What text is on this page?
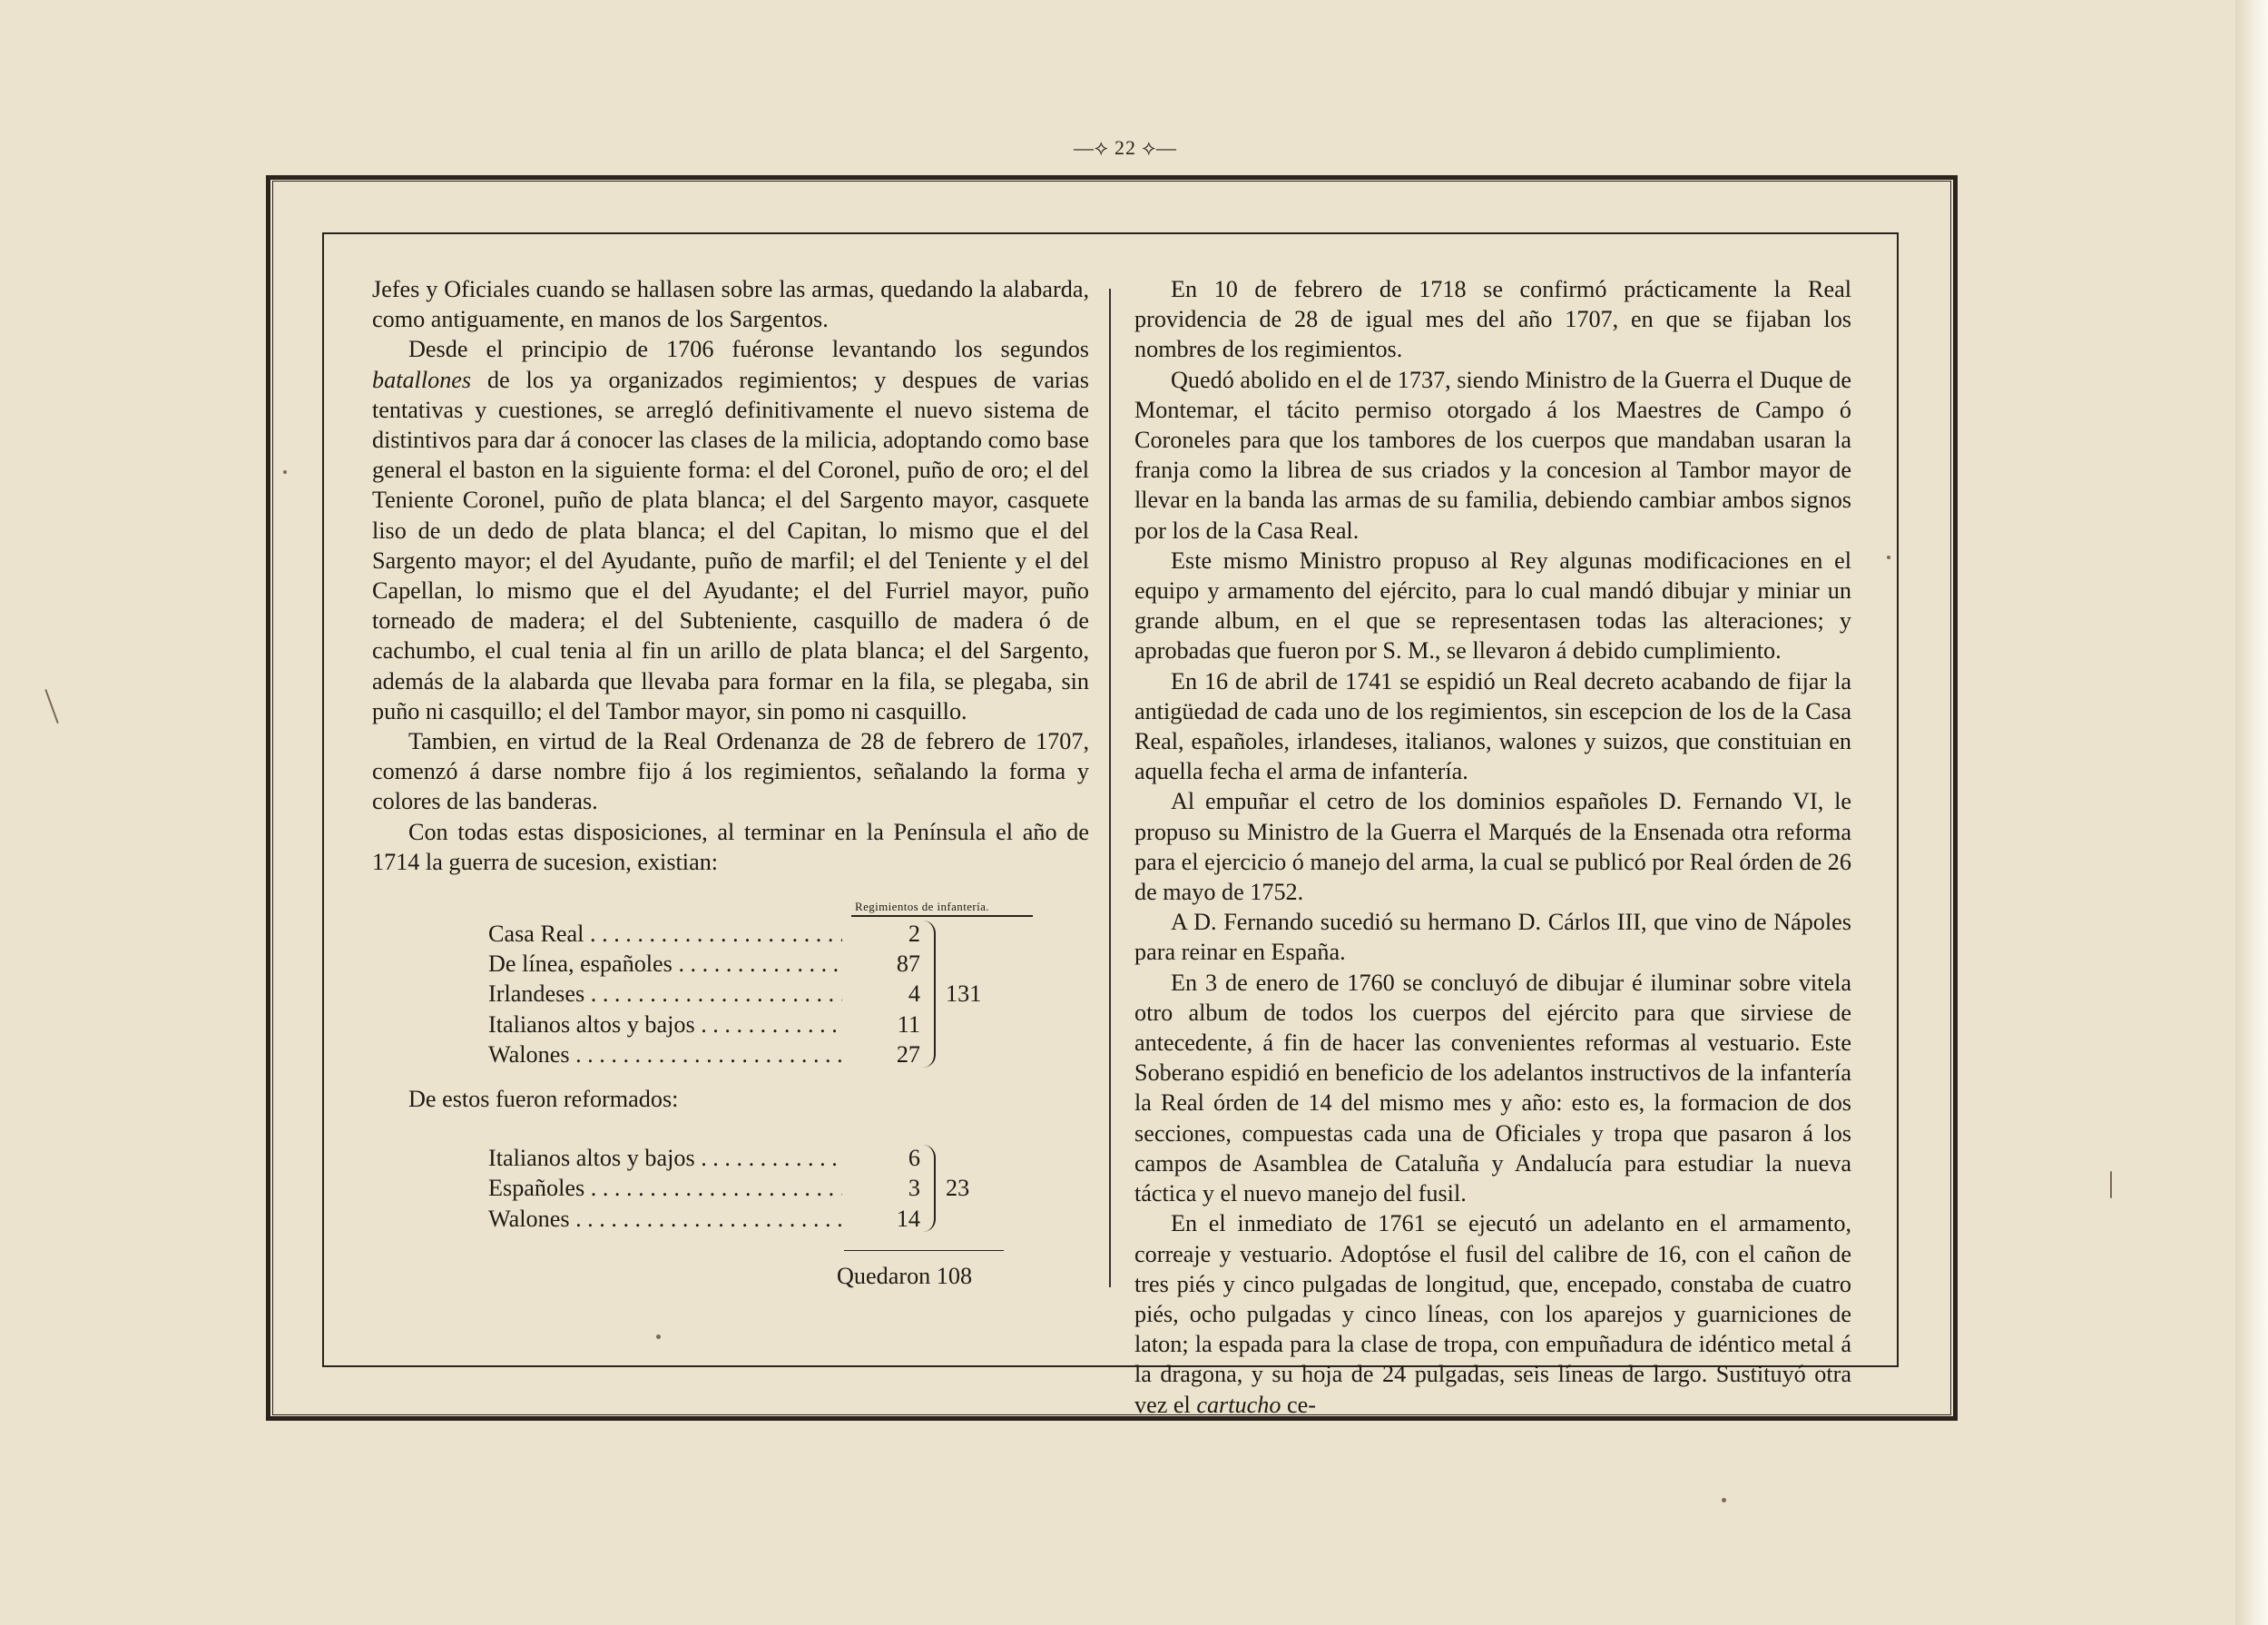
—⟡ 22 ⟡—

Jefes y Oficiales cuando se hallasen sobre las armas, quedando la alabarda, como antiguamente, en manos de los Sargentos.

Desde el principio de 1706 fuéronse levantando los segundos batallones de los ya organizados regimientos; y despues de varias tentativas y cuestiones, se arregló definitivamente el nuevo sistema de distintivos para dar á conocer las clases de la milicia, adoptando como base general el baston en la siguiente forma: el del Coronel, puño de oro; el del Teniente Coronel, puño de plata blanca; el del Sargento mayor, casquete liso de un dedo de plata blanca; el del Capitan, lo mismo que el del Sargento mayor; el del Ayudante, puño de marfil; el del Teniente y el del Capellan, lo mismo que el del Ayudante; el del Furriel mayor, puño torneado de madera; el del Subteniente, casquillo de madera ó de cachumbo, el cual tenia al fin un arillo de plata blanca; el del Sargento, además de la alabarda que llevaba para formar en la fila, se plegaba, sin puño ni casquillo; el del Tambor mayor, sin pomo ni casquillo.

Tambien, en virtud de la Real Ordenanza de 28 de febrero de 1707, comenzó á darse nombre fijo á los regimientos, señalando la forma y colores de las banderas.

Con todas estas disposiciones, al terminar en la Península el año de 1714 la guerra de sucesion, existian:

Regimientos de infantería.
Casa Real . . .	2
De línea, españoles . . .	87
Irlandeses . . .	4 131
Italianos altos y bajos . . .	11
Walones . . .	27
De estos fueron reformados:
Italianos altos y bajos . . .	6
Españoles . . .	3 23
Walones . . .	14
Quedaron 108

En 10 de febrero de 1718 se confirmó prácticamente la Real providencia de 28 de igual mes del año 1707, en que se fijaban los nombres de los regimientos.

Quedó abolido en el de 1737, siendo Ministro de la Guerra el Duque de Montemar, el tácito permiso otorgado á los Maestres de Campo ó Coroneles para que los tambores de los cuerpos que mandaban usaran la franja como la librea de sus criados y la concesion al Tambor mayor de llevar en la banda las armas de su familia, debiendo cambiar ambos signos por los de la Casa Real.

Este mismo Ministro propuso al Rey algunas modificaciones en el equipo y armamento del ejército, para lo cual mandó dibujar y miniar un grande album, en el que se representasen todas las alteraciones; y aprobadas que fueron por S. M., se llevaron á debido cumplimiento.

En 16 de abril de 1741 se espidió un Real decreto acabando de fijar la antigüedad de cada uno de los regimientos, sin escepcion de los de la Casa Real, españoles, irlandeses, italianos, walones y suizos, que constituian en aquella fecha el arma de infantería.

Al empuñar el cetro de los dominios españoles D. Fernando VI, le propuso su Ministro de la Guerra el Marqués de la Ensenada otra reforma para el ejercicio ó manejo del arma, la cual se publicó por Real órden de 26 de mayo de 1752.

A D. Fernando sucedió su hermano D. Cárlos III, que vino de Nápoles para reinar en España.

En 3 de enero de 1760 se concluyó de dibujar é iluminar sobre vitela otro album de todos los cuerpos del ejército para que sirviese de antecedente, á fin de hacer las convenientes reformas al vestuario. Este Soberano espidió en beneficio de los adelantos instructivos de la infantería la Real órden de 14 del mismo mes y año: esto es, la formacion de dos secciones, compuestas cada una de Oficiales y tropa que pasaron á los campos de Asamblea de Cataluña y Andalucía para estudiar la nueva táctica y el nuevo manejo del fusil.

En el inmediato de 1761 se ejecutó un adelanto en el armamento, correaje y vestuario. Adoptóse el fusil del calibre de 16, con el cañon de tres piés y cinco pulgadas de longitud, que, encepado, constaba de cuatro piés, ocho pulgadas y cinco líneas, con los aparejos y guarniciones de laton; la espada para la clase de tropa, con empuñadura de idéntico metal á la dragona, y su hoja de 24 pulgadas, seis líneas de largo. Sustituyó otra vez el cartucho ce-
